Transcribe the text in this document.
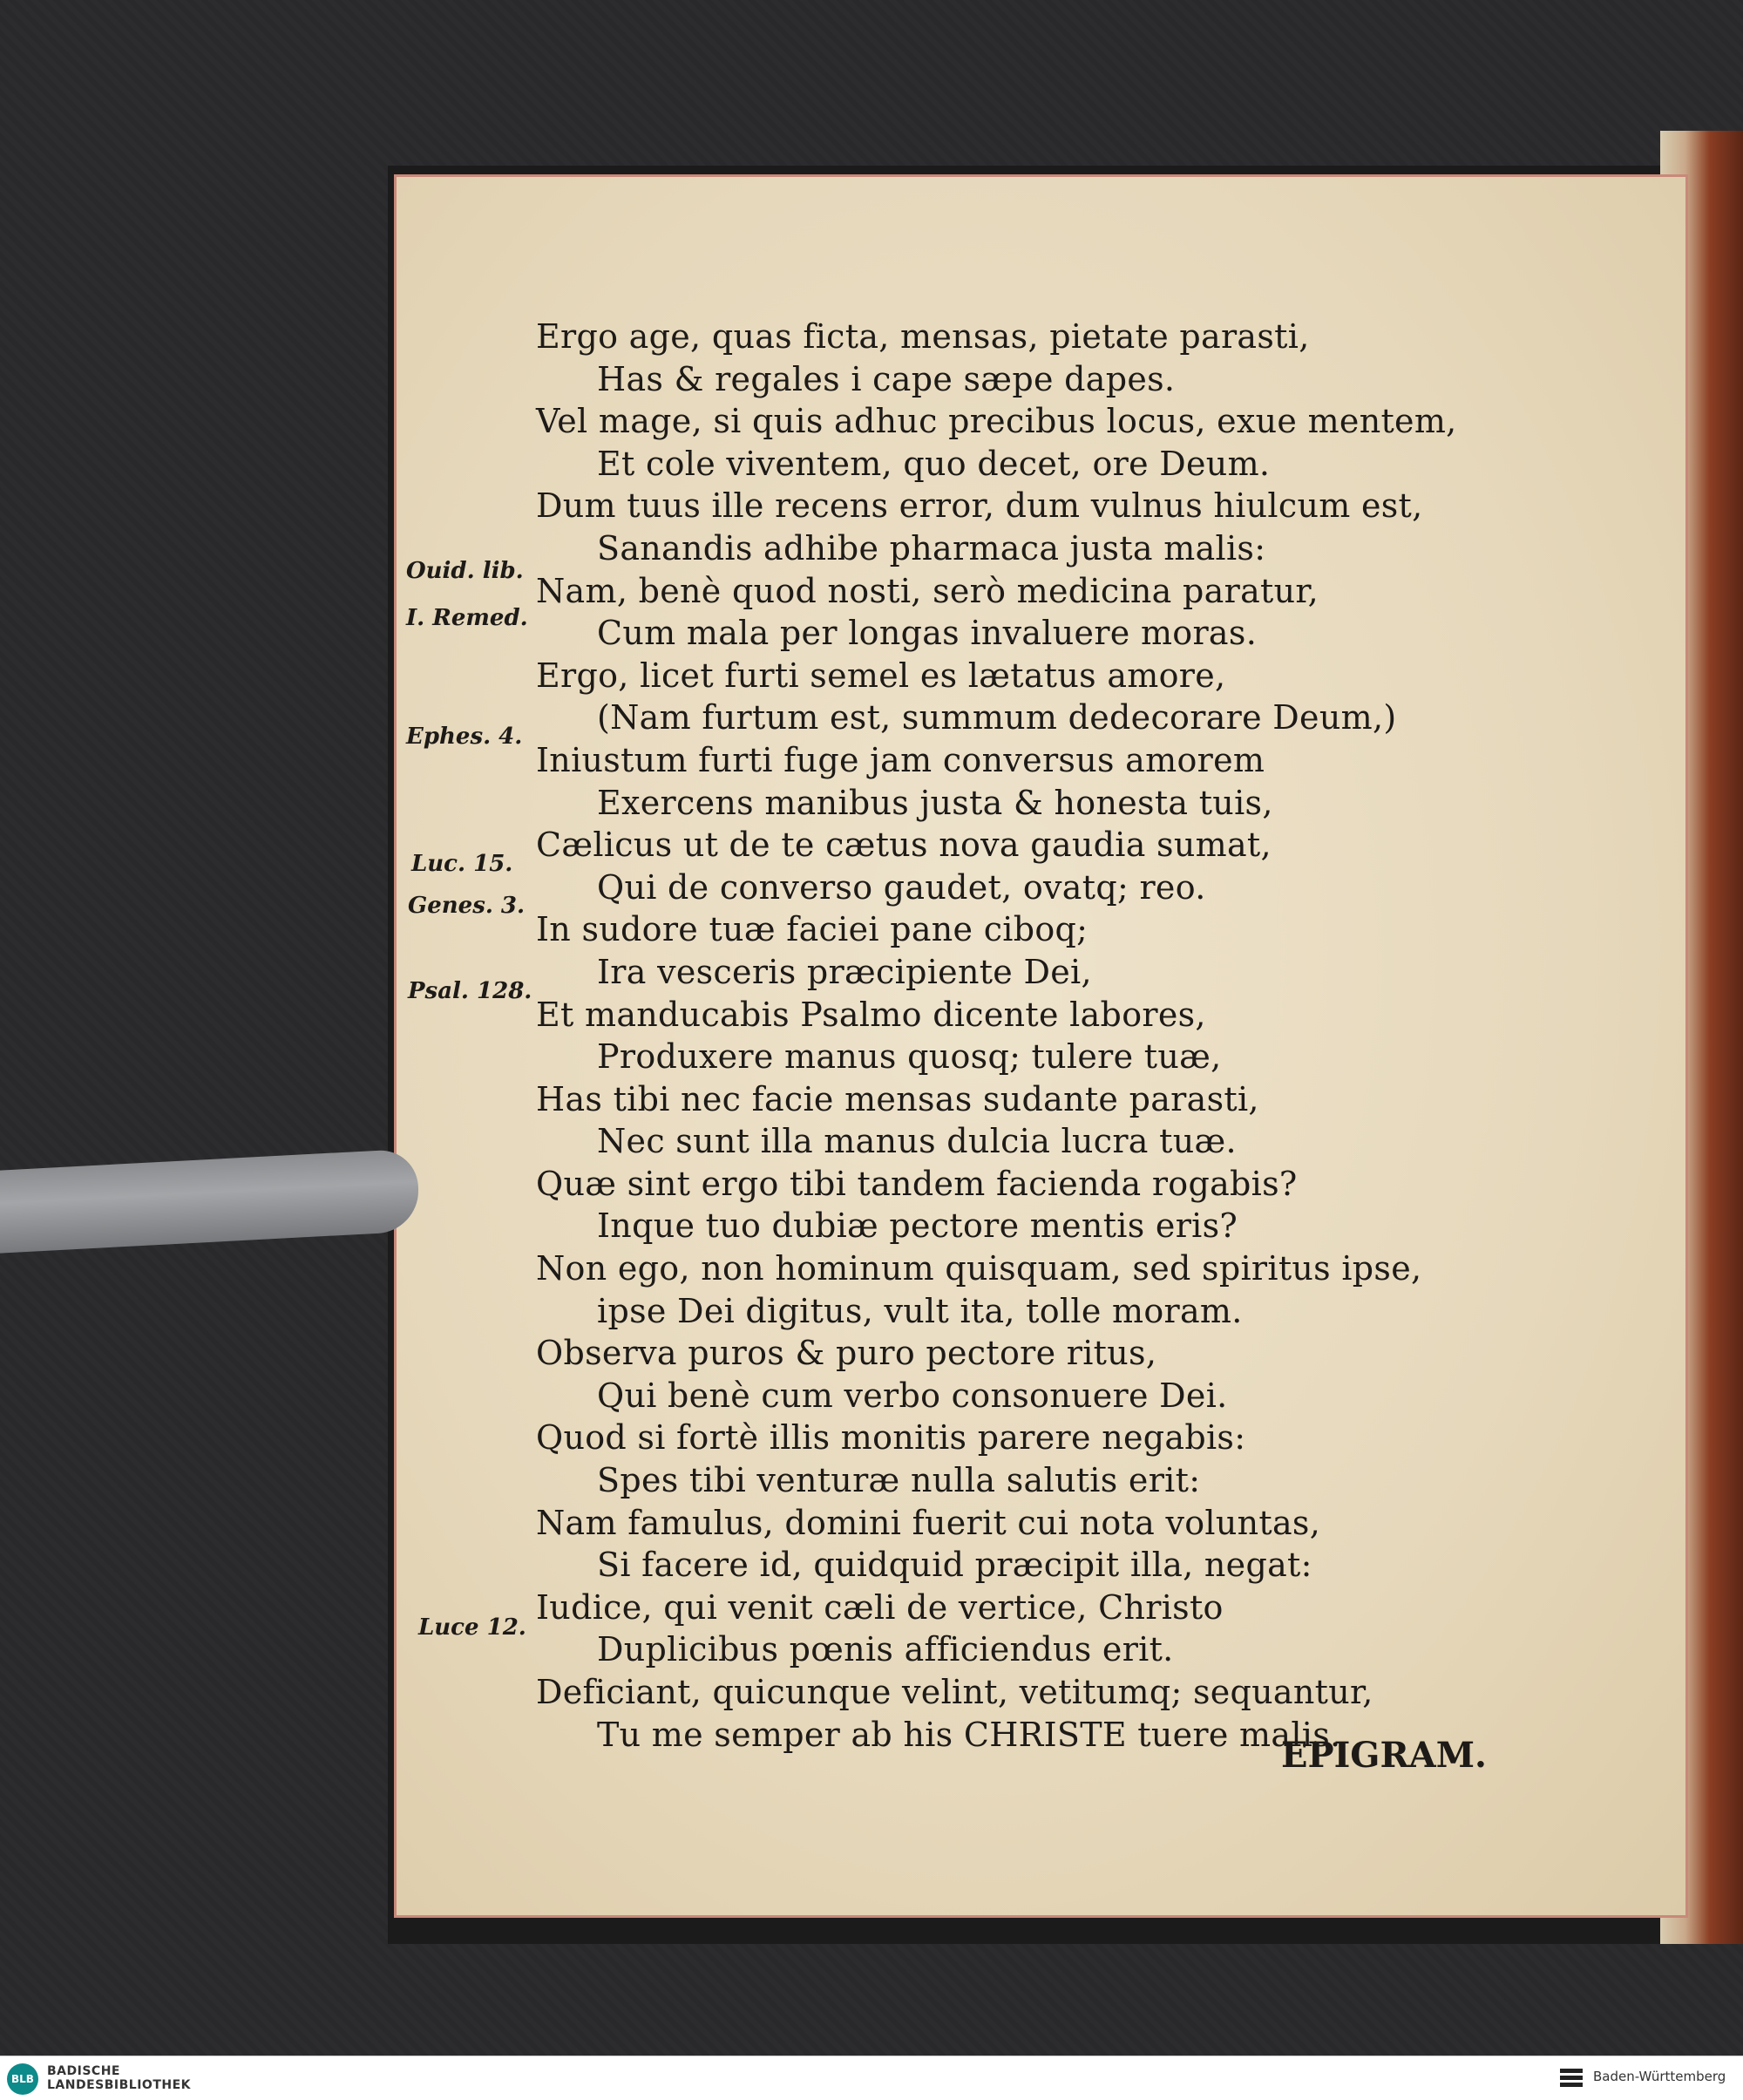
Ergo age, quas ficta, mensas, pietate parasti,
Has & regales i cape sæpe dapes.
Vel mage, si quis adhuc precibus locus, exue mentem,
Et cole viventem, quo decet, ore Deum.
Dum tuus ille recens error, dum vulnus hiulcum est,
Sanandis adhibe pharmaca justa malis:
Nam, benè quod nosti, serò medicina paratur,
Cum mala per longas invaluere moras.
Ergo, licet furti semel es lætatus amore,
(Nam furtum est, summum dedecorare Deum,)
Iniustum furti fuge jam conversus amorem
Exercens manibus justa & honesta tuis,
Cælicus ut de te cætus nova gaudia sumat,
Qui de converso gaudet, ovatq; reo.
In sudore tuæ faciei pane ciboq;
Ira vesceris præcipiente Dei,
Et manducabis Psalmo dicente labores,
Produxere manus quosq; tulere tuæ,
Has tibi nec facie mensas sudante parasti,
Nec sunt illa manus dulcia lucra tuæ.
Quæ sint ergo tibi tandem facienda rogabis?
Inque tuo dubiæ pectore mentis eris?
Non ego, non hominum quisquam, sed spiritus ipse,
ipse Dei digitus, vult ita, tolle moram.
Observa puros & puro pectore ritus,
Qui benè cum verbo consonuere Dei.
Quod si fortè illis monitis parere negabis:
Spes tibi venturæ nulla salutis erit:
Nam famulus, domini fuerit cui nota voluntas,
Si facere id, quidquid præcipit illa, negat:
Iudice, qui venit cæli de vertice, Christo
Duplicibus pœnis afficiendus erit.
Deficiant, quicunque velint, vetitumq; sequantur,
Tu me semper ab his CHRISTE tuere malis.
Ouid. lib.
I. Remed.
Ephes. 4.
Luc. 15.
Genes. 3.
Psal. 128.
Luce 12.
EPIGRAM.
BLB
BADISCHE
LANDESBIBLIOTHEK
Baden-Württemberg
